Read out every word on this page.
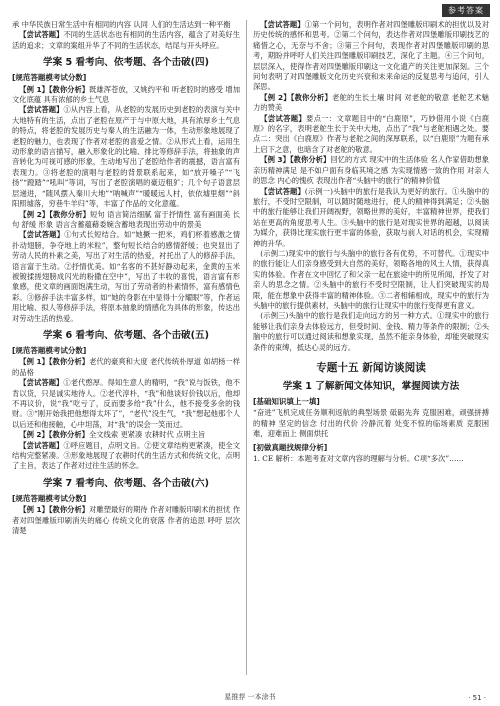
参考答案

承 中华民族日常生活中有相同的内容 认同 人们的生活达到一种平衡

【尝试答题】不同的生活状态也有相同的生活内容，蕴含了对美好生活的追求；文章的案组升华了不同的生活状态，结尾与开头呼应。

学案 5 看考向、依考题、各个击破(四)
[规范答题模考试分数]

【例 1】【教你分析】既雄浑苍放，又姚约平和 听老腔时的感受 增加文化底蕴 具有浓郁的乡土气息

【尝试答题】①从内容上看，从老腔的发展历史到老腔的表演与关中大地特有的生活，点出了老腔在原产于与中原大地，具有浓厚乡土气息的特点，将老腔的发展历史与秦人的生活融为一体，生动形象地展现了老腔的魅力，也表现了作者对老腔的喜爱之情。②从形式上看，运用生动形象的语言描写，融入形象化的比喻、排比等修辞手法，将抽象的声音转化为可视可感的形象，生动地写出了老腔给作者的震撼，语言富有表现力。③将老腔的演唱与老腔的背景联系起来，如“放开嗓子”“飞扬”“蹬踏”“吼叫”等词，写出了老腔演唱的豪迈粗犷；几个句子语意层层递进，“随风摆入秦川大地”“呐喊声”“暖暖远人村，依依墟里烟”“斜阳照墟落，穷巷牛羊归”等，丰富了作品的文化意蕴。

【例 2】【教你分析】短句 语言简洁细腻 富于抒情性 富有画面美 长句 舒缓 形象 语言含蓄蕴藉委婉含蓄地表现出劳动中的景美

【尝试答题】①句式长短结合。如“她撅一把米，鸡们杯着感激之情扑动翅膀，争夺地上的米粒”，整句短长结合的感情舒缓；也突显出了劳动人民的朴素之美，写出了对生活的热爱，衬托出了人的修辞手法，语言富于生动。②抒情优美。如“名客的不甚好静动起来，金黄的玉米被镀揉搓翅膀成闪光的粉撒在空中”，写出了丰收的喜悦，语言富有形象感，使文章的画面饱满生动，写出了劳动者的朴素情怀，富有感情色彩。③修辞手法丰富多样，如“她的身影在中显得十分耀眼”等，作者运用比喻、拟人等修辞手法，将原本抽象的情感化为具体的形象，传达出对劳动生活的热爱。

学案 6 看考向、依考题、各个击破(五)
[规范答题模考试分数]

【例 1】【教你分析】老代的豪爽和大度 老代传统朴厚道 如胡杨一样的品格

【尝试答题】①老代憨厚。得知生意人的精明，“我”说与饭铁，他不肯以货，只是诚实地待人。②老代淳朴，“我”和他谈好价钱以后，他却不再议价，说“我”吃亏了，反而要多给“我”什么，他不接受多余的钱财。③“刚开始我把他想得太坏了”，“老代”没生气，“我”想起他那个人以后还和他接触，心中坦荡，对“我”的误会一笑而过。

【例 2】【教你分析】全文线索 更紧凑 农耕时代 点明主旨

【尝试答题】①呼应题目，点明文旨。②使文章结构更紧凑，使全文结构完整紧凑。③形象地展现了农耕时代的生活方式和传统文化，点明了主旨，表达了作者对过往生活的怀念。

学案 7 看考向、依考题、各个击破(六)
[规范答题模考试分数]

【例 1】【教你分析】对雕塑最好的期待 作者对雕版印刷术的担忧 作者对四堡雕版印刷消失的痛心 传统文化的衰落 作者的追思 呼吁 层次清楚

【尝试答题】①第一个问句，表明作者对四堡雕版印刷术的担忧以及对历史传统的感怀和思考。②第二个问句，表达作者对四堡雕版印刷技艺的痛惜之心，无奈与不舍；③第三个问句，表现作者对四堡雕版印刷的思考，期盼并呼吁人们关注四堡雕版印刷技艺，深化了主题。④三个问句，层层深入，使得作者对四堡雕版印刷这一文化遗产的关注更加深刻。三个问句表明了对四堡雕版文化历史兴衰和未来命运的反复思考与追问，引人深思。

【例 2】【教你分析】老舵的生长土壤 时间 对老舵的敬意 老舵艺术魅力的赞美

【尝试答题】要点一：文章题目中的“白鹿原”，巧妙借用小说《白鹿原》的名字，表明老舵生长于关中大地，点出了“我”与老舵相遇之处。要点二：突出《白鹿原》作者与老舵之间的深厚联系，以“白鹿原”为题有承上启下之意，也暗含了对老舵的敬意。

【例 3】【教你分析】回忆的方式 现实中的生活体验 名人作家借助想象 亲历精神满足 是不如户面有身临其境之感 为实现情感一致的作用 对亲人的思念 内心的愧疚 表现出作者“头脑中的旅行”的精神价值

【尝试答题】(示例一)头脑中的旅行是我认为更好的旅行。①头脑中的旅行，不受时空限制，可以随时随地进行，使人的精神得到满足；②头脑中的旅行能够让我们开阔视野，领略世界的美好，丰富精神世界，使我们站在更高的角度思考人生。③头脑中的旅行是对现实世界的超越，以阅读为媒介，获得比现实旅行更丰富的体验，获取与前人对话的机会，实现精神的升华。

(示例二)现实中的旅行与头脑中的旅行各有优势，不可替代。①现实中的旅行能让人们亲身感受到大自然的美好，领略各地的风土人情，获得真实的体验。作者在文中回忆了和父亲一起在旅途中的所见所闻，抒发了对亲人的思念之情。②头脑中的旅行不受时空限制，让人们突破现实的局限，能在想象中获得丰富的精神体验。③二者相辅相成，现实中的旅行为头脑中的旅行提供素材，头脑中的旅行让现实中的旅行变得更有意义。

(示例三)头脑中的旅行是我们走向远方的另一种方式。①现实中的旅行能够让我们亲身去体验远方，但受时间、金钱、精力等条件的限制；②头脑中的旅行可以通过阅读和想象实现，虽然不能亲身体验，却能突破现实条件的束缚，抵达心灵的远方。

专题十五 新闻访谈阅读
学案 1 了解新闻文体知识，掌握阅读方法
[基础知识填上一填]

“奋进”飞机完成任务顺利返航的典型场景 砥砺先奔 克服困难，顽强拼搏的精神 坚定的信念 付出的代价 冷静沉着 处变不惊的临场素质 克服困难，迎难而上 侧面烘托

[初做真题找规律分析]

1. CE 解析：本题考查对文章内容的理解与分析。C项“多次”……

星推荐 一本涂书	· 51 ·
